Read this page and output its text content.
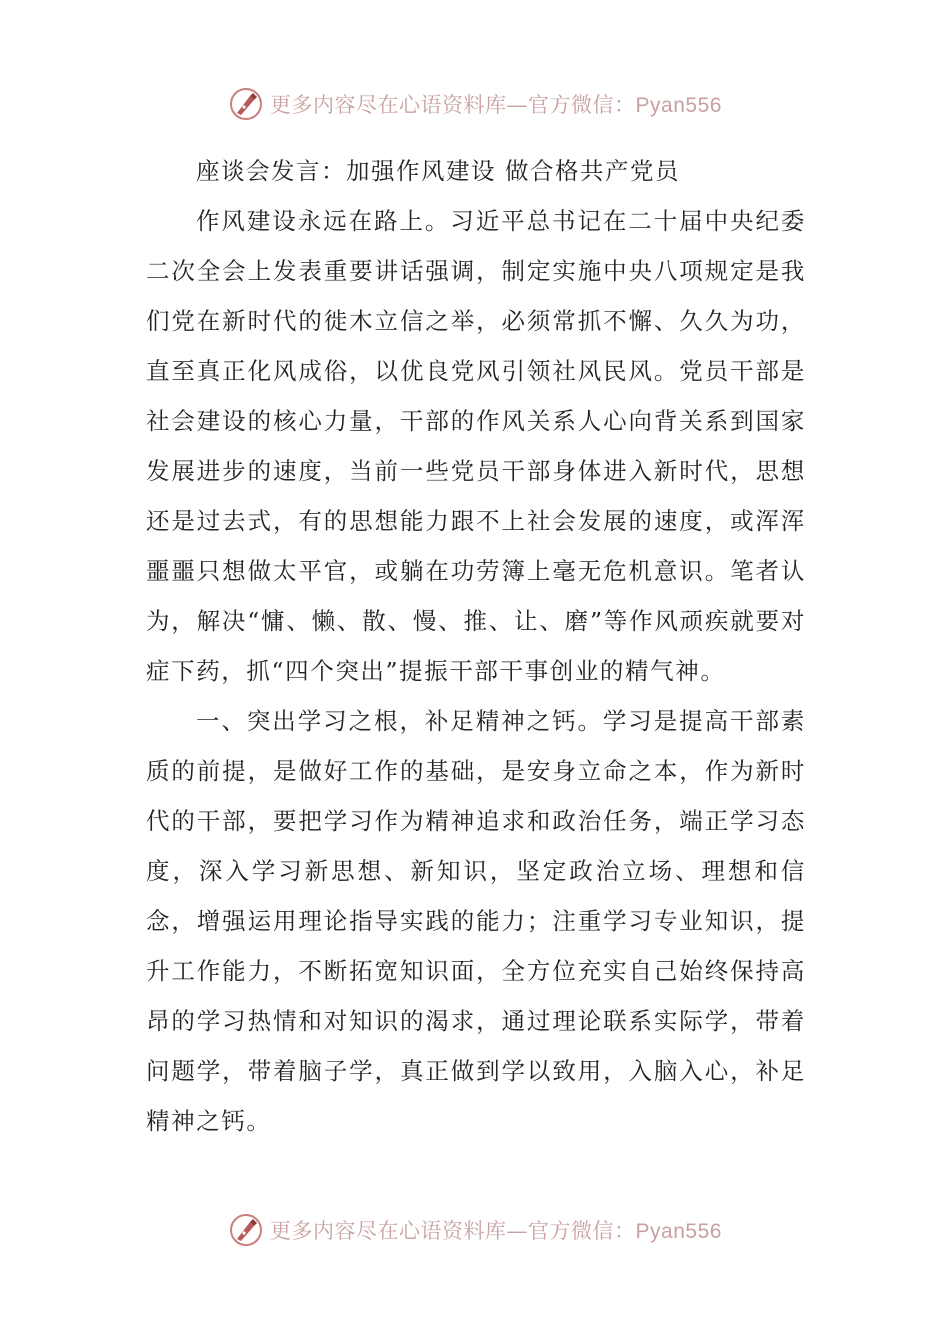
更多内容尽在心语资料库—官方微信：Pyan556
座谈会发言：加强作风建设 做合格共产党员

作风建设永远在路上。习近平总书记在二十届中央纪委二次全会上发表重要讲话强调，制定实施中央八项规定是我们党在新时代的徙木立信之举，必须常抓不懈、久久为功，直至真正化风成俗，以优良党风引领社风民风。党员干部是社会建设的核心力量，干部的作风关系人心向背关系到国家发展进步的速度，当前一些党员干部身体进入新时代，思想还是过去式，有的思想能力跟不上社会发展的速度，或浑浑噩噩只想做太平官，或躺在功劳簿上毫无危机意识。笔者认为，解决“慵、懒、散、慢、推、让、磨”等作风顽疾就要对症下药，抓“四个突出”提振干部干事创业的精气神。

一、突出学习之根，补足精神之钙。学习是提高干部素质的前提，是做好工作的基础，是安身立命之本，作为新时代的干部，要把学习作为精神追求和政治任务，端正学习态度，深入学习新思想、新知识，坚定政治立场、理想和信念，增强运用理论指导实践的能力；注重学习专业知识，提升工作能力，不断拓宽知识面，全方位充实自己始终保持高昂的学习热情和对知识的渴求，通过理论联系实际学，带着问题学，带着脑子学，真正做到学以致用，入脑入心，补足精神之钙。

更多内容尽在心语资料库—官方微信：Pyan556
